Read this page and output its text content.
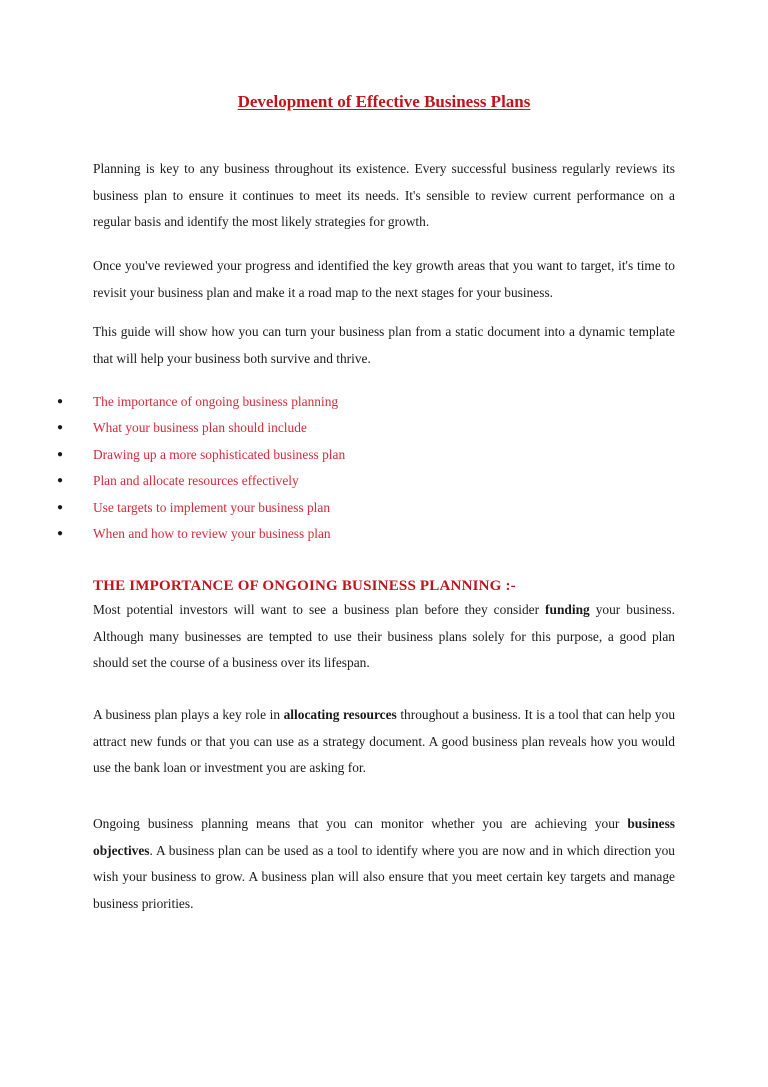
Development of Effective Business Plans

Planning is key to any business throughout its existence. Every successful business regularly reviews its business plan to ensure it continues to meet its needs. It's sensible to review current performance on a regular basis and identify the most likely strategies for growth.

Once you've reviewed your progress and identified the key growth areas that you want to target, it's time to revisit your business plan and make it a road map to the next stages for your business.

This guide will show how you can turn your business plan from a static document into a dynamic template that will help your business both survive and thrive.

● The importance of ongoing business planning
● What your business plan should include
● Drawing up a more sophisticated business plan
● Plan and allocate resources effectively
● Use targets to implement your business plan
● When and how to review your business plan
THE IMPORTANCE OF ONGOING BUSINESS PLANNING :-

Most potential investors will want to see a business plan before they consider funding your business. Although many businesses are tempted to use their business plans solely for this purpose, a good plan should set the course of a business over its lifespan.

A business plan plays a key role in allocating resources throughout a business. It is a tool that can help you attract new funds or that you can use as a strategy document. A good business plan reveals how you would use the bank loan or investment you are asking for.

Ongoing business planning means that you can monitor whether you are achieving your business objectives. A business plan can be used as a tool to identify where you are now and in which direction you wish your business to grow. A business plan will also ensure that you meet certain key targets and manage business priorities.
